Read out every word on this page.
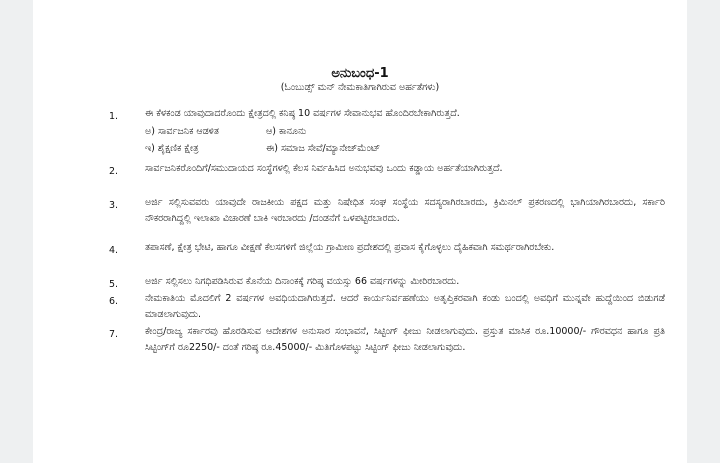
ಅನುಬಂಧ-1
(ಓಂಬುಡ್ಸ್ ಮನ್ ನೇಮಕಾತಿಗಾಗಿರುವ ಅರ್ಹತೆಗಳು)
1.	ಈ ಕೆಳಕಂಡ ಯಾವುದಾದರೊಂದು ಕ್ಷೇತ್ರದಲ್ಲಿ ಕನಿಷ್ಠ 10 ವರ್ಷಗಳ ಸೇವಾನುಭವ ಹೊಂದಿರಬೇಕಾಗಿರುತ್ತದೆ.
ಅ) ಸಾರ್ವಜನಿಕ ಆಡಳಿತ	ಆ) ಕಾನೂನು
ಇ) ಶೈಕ್ಷಣಿಕ ಕ್ಷೇತ್ರ	ಈ) ಸಮಾಜ ಸೇವೆ/ಮ್ಯಾನೇಜ್‌ಮೆಂಟ್
2.	ಸಾರ್ವಜನಿಕರೊಂದಿಗೆ/ಸಮುದಾಯದ ಸಂಸ್ಥೆಗಳಲ್ಲಿ ಕೆಲಸ ನಿರ್ವಹಿಸಿದ ಅನುಭವವು ಒಂದು ಕಡ್ಡಾಯ ಅರ್ಹತೆಯಾಗಿರುತ್ತದೆ.
3.	ಅರ್ಜಿ ಸಲ್ಲಿಸುವವರು ಯಾವುದೇ ರಾಜಕೀಯ ಪಕ್ಷದ ಮತ್ತು ನಿಷೇಧಿತ ಸಂಘ ಸಂಸ್ಥೆಯ ಸದಸ್ಯರಾಗಿರಬಾರದು, ಕ್ರಿಮಿನಲ್ ಪ್ರಕರಣದಲ್ಲಿ ಭಾಗಿಯಾಗಿರಬಾರದು, ಸರ್ಕಾರಿ ನೌಕರರಾಗಿದ್ದಲ್ಲಿ ಇಲಾಖಾ ವಿಚಾರಣೆ ಬಾಕಿ ಇರಬಾರದು /ದಂಡನೆಗೆ ಒಳಪಟ್ಟಿರಬಾರದು.
4.	ತಪಾಸಣೆ, ಕ್ಷೇತ್ರ ಭೇಟಿ, ಹಾಗೂ ವೀಕ್ಷಣೆ ಕೆಲಸಗಳಿಗೆ ಜಿಲ್ಲೆಯ ಗ್ರಾಮೀಣ ಪ್ರದೇಶದಲ್ಲಿ ಪ್ರವಾಸ ಕೈಗೊಳ್ಳಲು ದೈಹಿಕವಾಗಿ ಸಮರ್ಥರಾಗಿರಬೇಕು.
5.	ಅರ್ಜಿ ಸಲ್ಲಿಸಲು ನಿಗಧಿಪಡಿಸಿರುವ ಕೊನೆಯ ದಿನಾಂಕಕ್ಕೆ ಗರಿಷ್ಠ ವಯಸ್ಸು 66 ವರ್ಷಗಳನ್ನು ಮೀರಿರಬಾರದು.
6.	ನೇಮಕಾತಿಯ ಮೊದಲಿಗೆ 2 ವರ್ಷಗಳ ಅವಧಿಯದಾಗಿರುತ್ತದೆ. ಆದರೆ ಕಾರ್ಯನಿರ್ವಹಣೆಯು ಅತೃಪ್ತಿಕರವಾಗಿ ಕಂಡು ಬಂದಲ್ಲಿ ಅವಧಿಗೆ ಮುನ್ನವೇ ಹುದ್ದೆಯಿಂದ ಬಿಡುಗಡೆ ಮಾಡಲಾಗುವುದು.
7.	ಕೇಂದ್ರ/ರಾಜ್ಯ ಸರ್ಕಾರವು ಹೊರಡಿಸುವ ಆದೇಶಗಳ ಅನುಸಾರ ಸಂಭಾವನೆ, ಸಿಟ್ಟಿಂಗ್ ಫೀಜು ನೀಡಲಾಗುವುದು. ಪ್ರಸ್ತುತ ಮಾಸಿಕ ರೂ.10000/- ಗೌರವಧನ ಹಾಗೂ ಪ್ರತಿ ಸಿಟ್ಟಿಂಗ್‌ಗೆ ರೂ2250/- ದಂತೆ ಗರಿಷ್ಠ ರೂ.45000/- ಮಿತಿಗೊಳಪಟ್ಟು ಸಿಟ್ಟಿಂಗ್ ಫೀಜು ನೀಡಲಾಗುವುದು.
